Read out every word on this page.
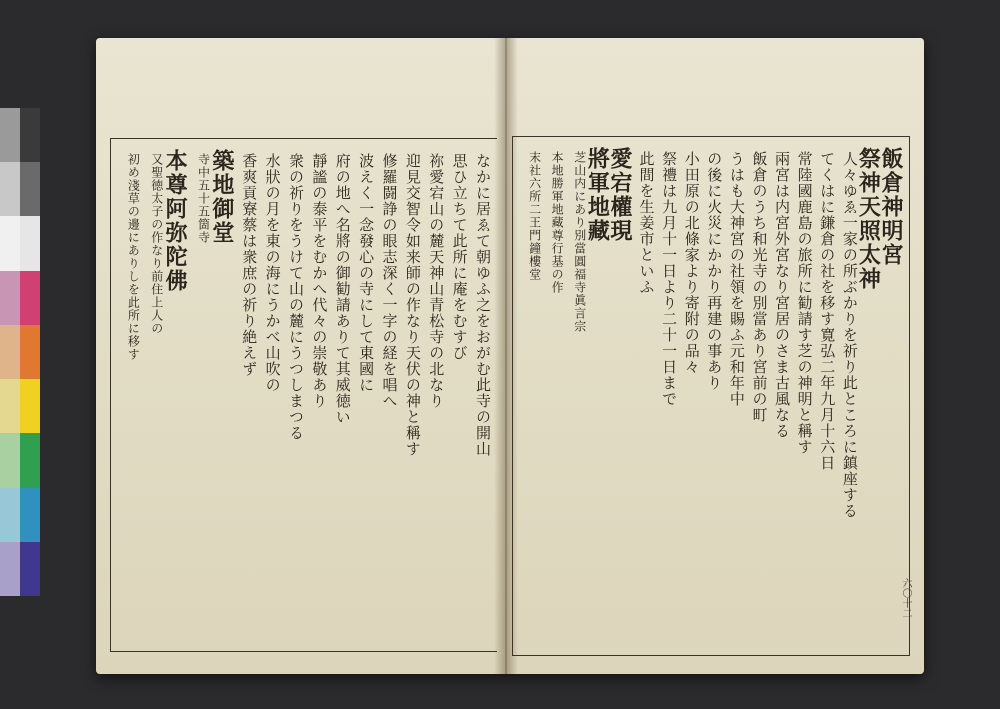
なかに居ゑて朝ゆふ之をおがむ此寺の開山
思ひ立ちて此所に庵をむすび
祢愛宕山の麓天神山青松寺の北なり
迎見交智令如来師の作なり天伏の神と稱す
修羅闘諍の眼志深く一字の経を唱へ
波えく一念發心の寺にして東國に
府の地へ名將の御勧請ありて其威徳い
靜謐の泰平をむかへ代々の崇敬あり
衆の祈りをうけて山の麓にうつしまつる
水狀の月を東の海にうかべ山吹の
香爽貢寮蔡は衆庶の祈り絶えず
築地御堂
寺中五十五箇寺
本尊阿弥陀佛
又聖徳太子の作なり前住上人の
初め淺草の邊にありしを此所に移す	飯倉神明宮
祭神天照太神
人々ゆゑ一家の所ぶかりを祈り此ところに鎮座する
てくはに鎌倉の社を移す寛弘二年九月十六日
常陸國鹿島の旅所に勧請す芝の神明と稱す
兩宮は内宮外宮なり宮居のさま古風なる
飯倉のうち和光寺の別當あり宮前の町
うはも大神宮の社領を賜ふ元和年中
の後に火災にかかり再建の事あり
小田原の北條家より寄附の品々
祭禮は九月十一日より二十一日まで
此間を生姜市といふ
愛宕權現
將軍地藏
芝山内にあり別當圓福寺眞言宗
本地勝軍地藏尊行基の作
末社六所二王門鐘樓堂
六〇十二
